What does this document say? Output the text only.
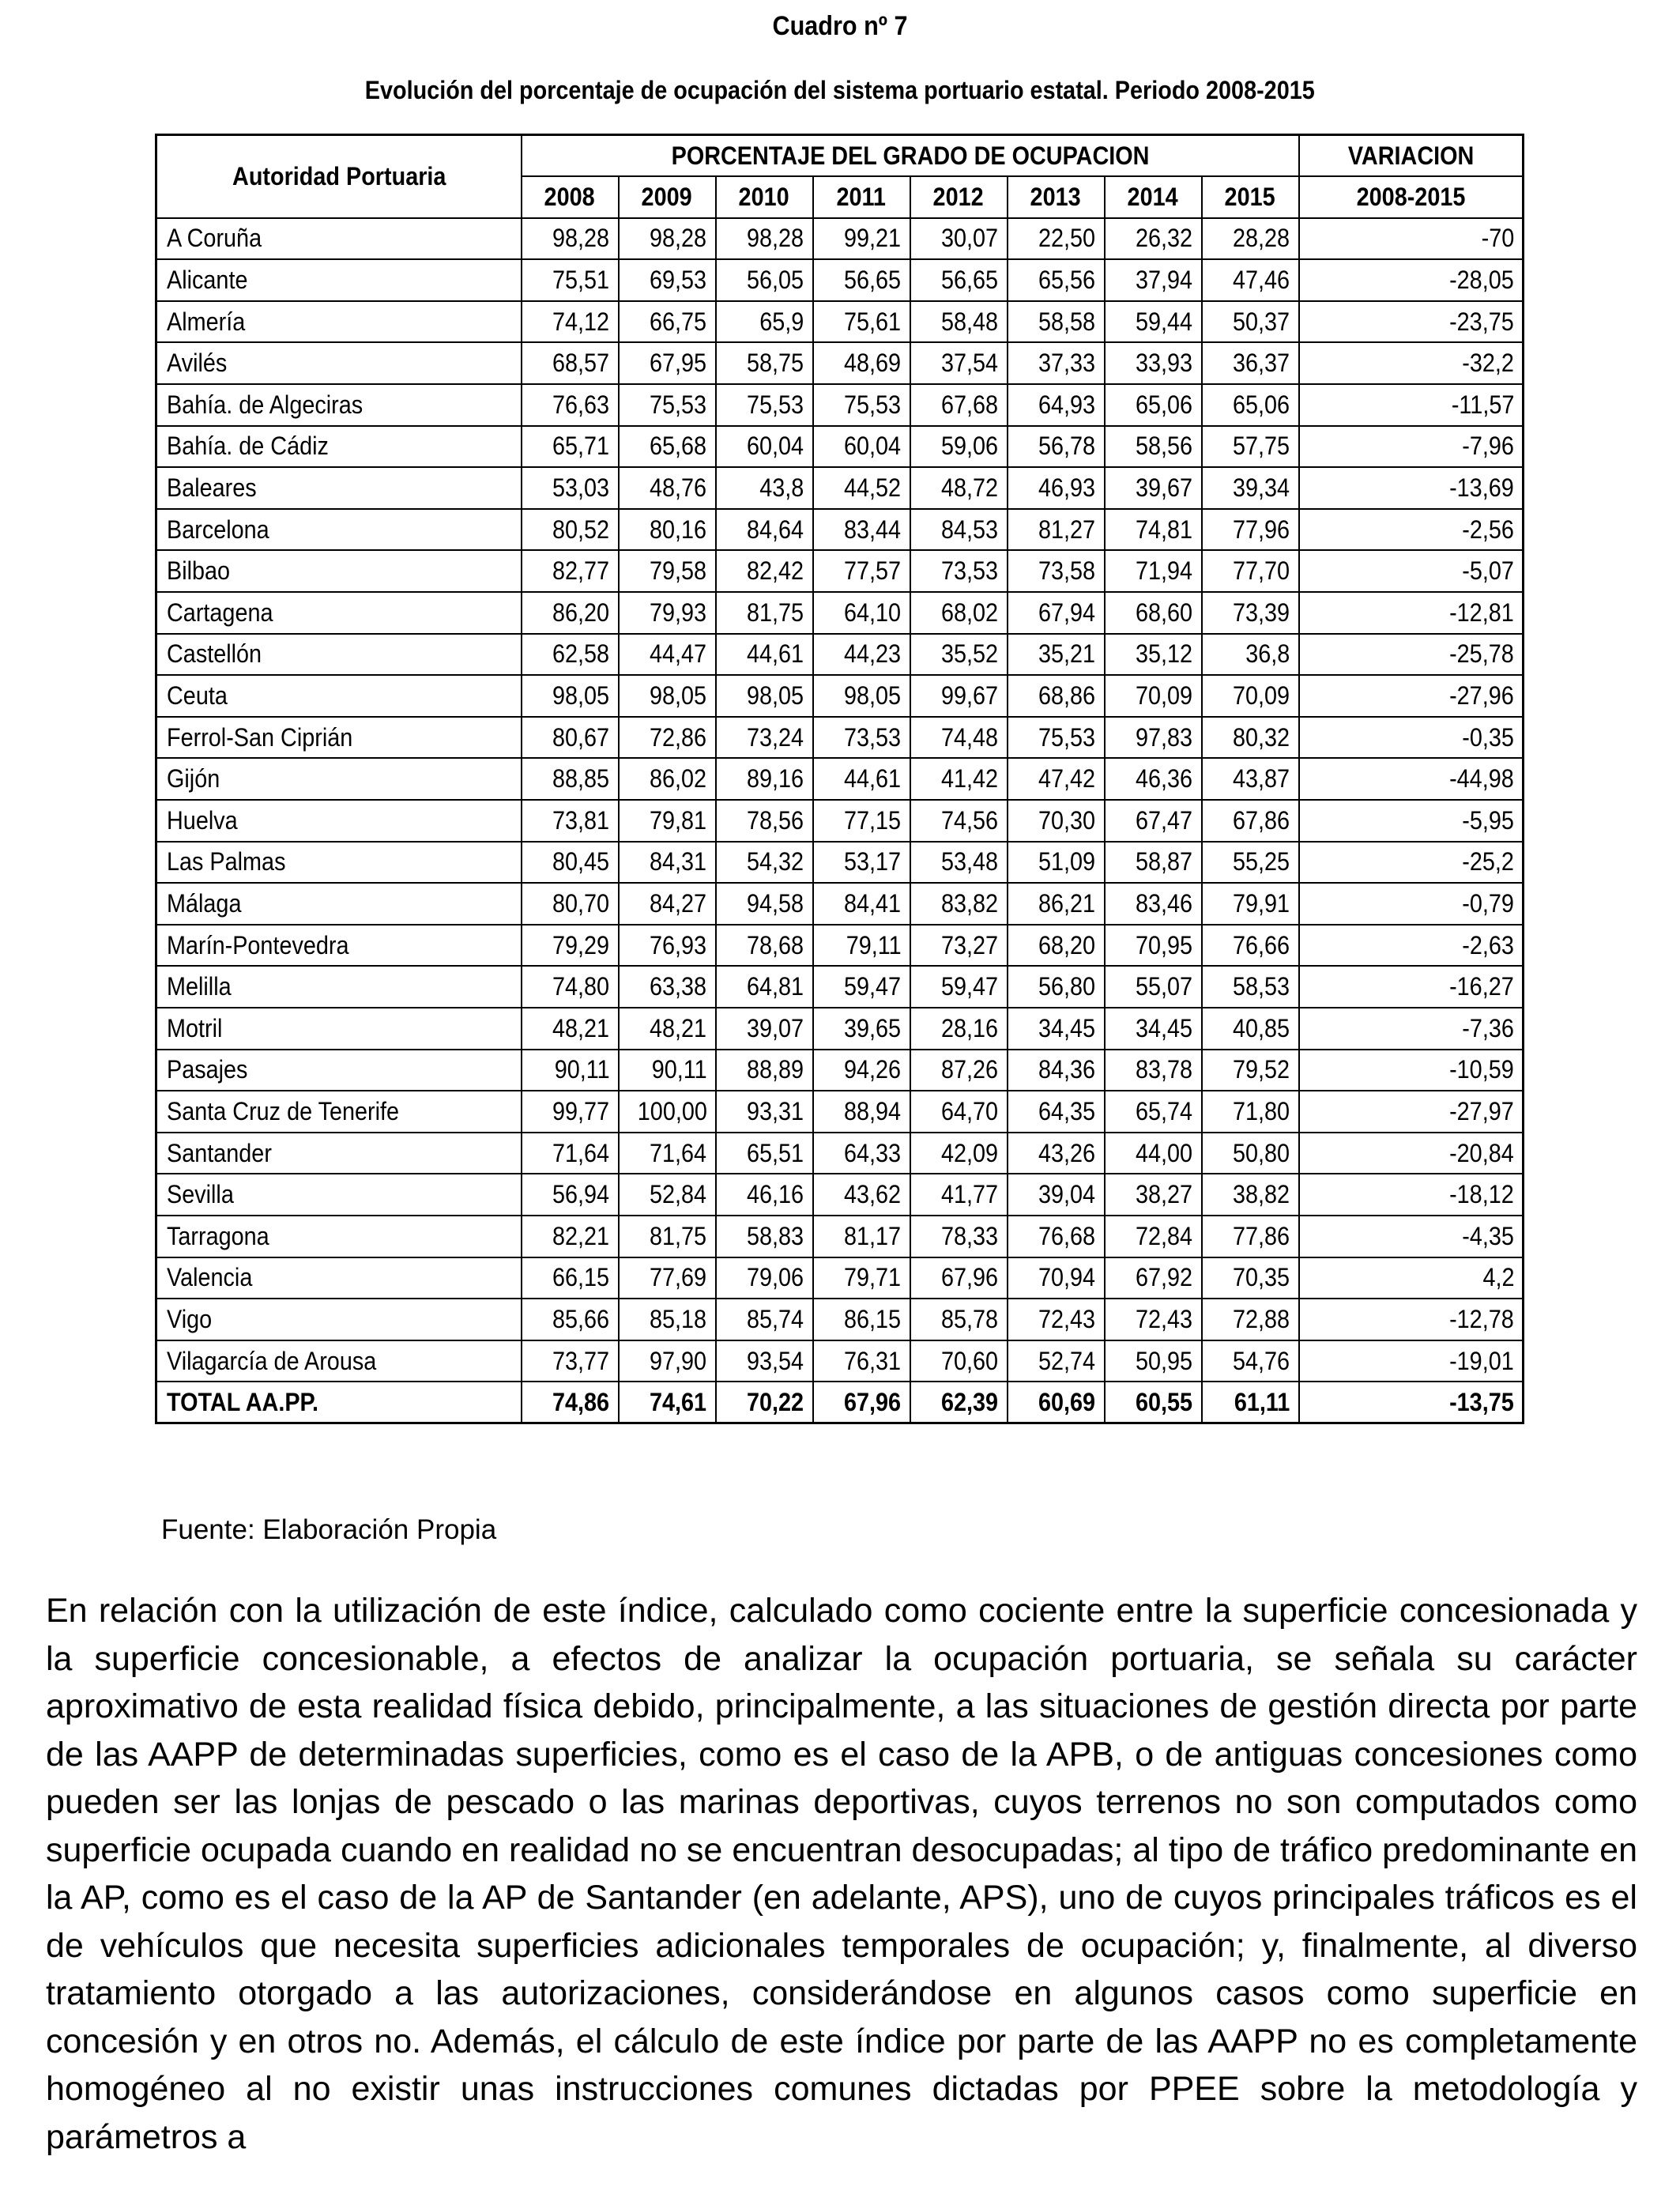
Cuadro nº 7
Evolución del porcentaje de ocupación del sistema portuario estatal. Periodo 2008-2015
Autoridad Portuaria	PORCENTAJE DEL GRADO DE OCUPACION								VARIACION
	2008	2009	2010	2011	2012	2013	2014	2015	2008-2015
A Coruña	98,28	98,28	98,28	99,21	30,07	22,50	26,32	28,28	-70
Alicante	75,51	69,53	56,05	56,65	56,65	65,56	37,94	47,46	-28,05
Almería	74,12	66,75	65,9	75,61	58,48	58,58	59,44	50,37	-23,75
Avilés	68,57	67,95	58,75	48,69	37,54	37,33	33,93	36,37	-32,2
Bahía. de Algeciras	76,63	75,53	75,53	75,53	67,68	64,93	65,06	65,06	-11,57
Bahía. de Cádiz	65,71	65,68	60,04	60,04	59,06	56,78	58,56	57,75	-7,96
Baleares	53,03	48,76	43,8	44,52	48,72	46,93	39,67	39,34	-13,69
Barcelona	80,52	80,16	84,64	83,44	84,53	81,27	74,81	77,96	-2,56
Bilbao	82,77	79,58	82,42	77,57	73,53	73,58	71,94	77,70	-5,07
Cartagena	86,20	79,93	81,75	64,10	68,02	67,94	68,60	73,39	-12,81
Castellón	62,58	44,47	44,61	44,23	35,52	35,21	35,12	36,8	-25,78
Ceuta	98,05	98,05	98,05	98,05	99,67	68,86	70,09	70,09	-27,96
Ferrol-San Ciprián	80,67	72,86	73,24	73,53	74,48	75,53	97,83	80,32	-0,35
Gijón	88,85	86,02	89,16	44,61	41,42	47,42	46,36	43,87	-44,98
Huelva	73,81	79,81	78,56	77,15	74,56	70,30	67,47	67,86	-5,95
Las Palmas	80,45	84,31	54,32	53,17	53,48	51,09	58,87	55,25	-25,2
Málaga	80,70	84,27	94,58	84,41	83,82	86,21	83,46	79,91	-0,79
Marín-Pontevedra	79,29	76,93	78,68	79,11	73,27	68,20	70,95	76,66	-2,63
Melilla	74,80	63,38	64,81	59,47	59,47	56,80	55,07	58,53	-16,27
Motril	48,21	48,21	39,07	39,65	28,16	34,45	34,45	40,85	-7,36
Pasajes	90,11	90,11	88,89	94,26	87,26	84,36	83,78	79,52	-10,59
Santa Cruz de Tenerife	99,77	100,00	93,31	88,94	64,70	64,35	65,74	71,80	-27,97
Santander	71,64	71,64	65,51	64,33	42,09	43,26	44,00	50,80	-20,84
Sevilla	56,94	52,84	46,16	43,62	41,77	39,04	38,27	38,82	-18,12
Tarragona	82,21	81,75	58,83	81,17	78,33	76,68	72,84	77,86	-4,35
Valencia	66,15	77,69	79,06	79,71	67,96	70,94	67,92	70,35	4,2
Vigo	85,66	85,18	85,74	86,15	85,78	72,43	72,43	72,88	-12,78
Vilagarcía de Arousa	73,77	97,90	93,54	76,31	70,60	52,74	50,95	54,76	-19,01
TOTAL AA.PP.	74,86	74,61	70,22	67,96	62,39	60,69	60,55	61,11	-13,75
Fuente: Elaboración Propia
En relación con la utilización de este índice, calculado como cociente entre la superficie concesionada y la superficie concesionable, a efectos de analizar la ocupación portuaria, se señala su carácter aproximativo de esta realidad física debido, principalmente, a las situaciones de gestión directa por parte de las AAPP de determinadas superficies, como es el caso de la APB, o de antiguas concesiones como pueden ser las lonjas de pescado o las marinas deportivas, cuyos terrenos no son computados como superficie ocupada cuando en realidad no se encuentran desocupadas; al tipo de tráfico predominante en la AP, como es el caso de la AP de Santander (en adelante, APS), uno de cuyos principales tráficos es el de vehículos que necesita superficies adicionales temporales de ocupación; y, finalmente, al diverso tratamiento otorgado a las autorizaciones, considerándose en algunos casos como superficie en concesión y en otros no. Además, el cálculo de este índice por parte de las AAPP no es completamente homogéneo al no existir unas instrucciones comunes dictadas por PPEE sobre la metodología y parámetros a
